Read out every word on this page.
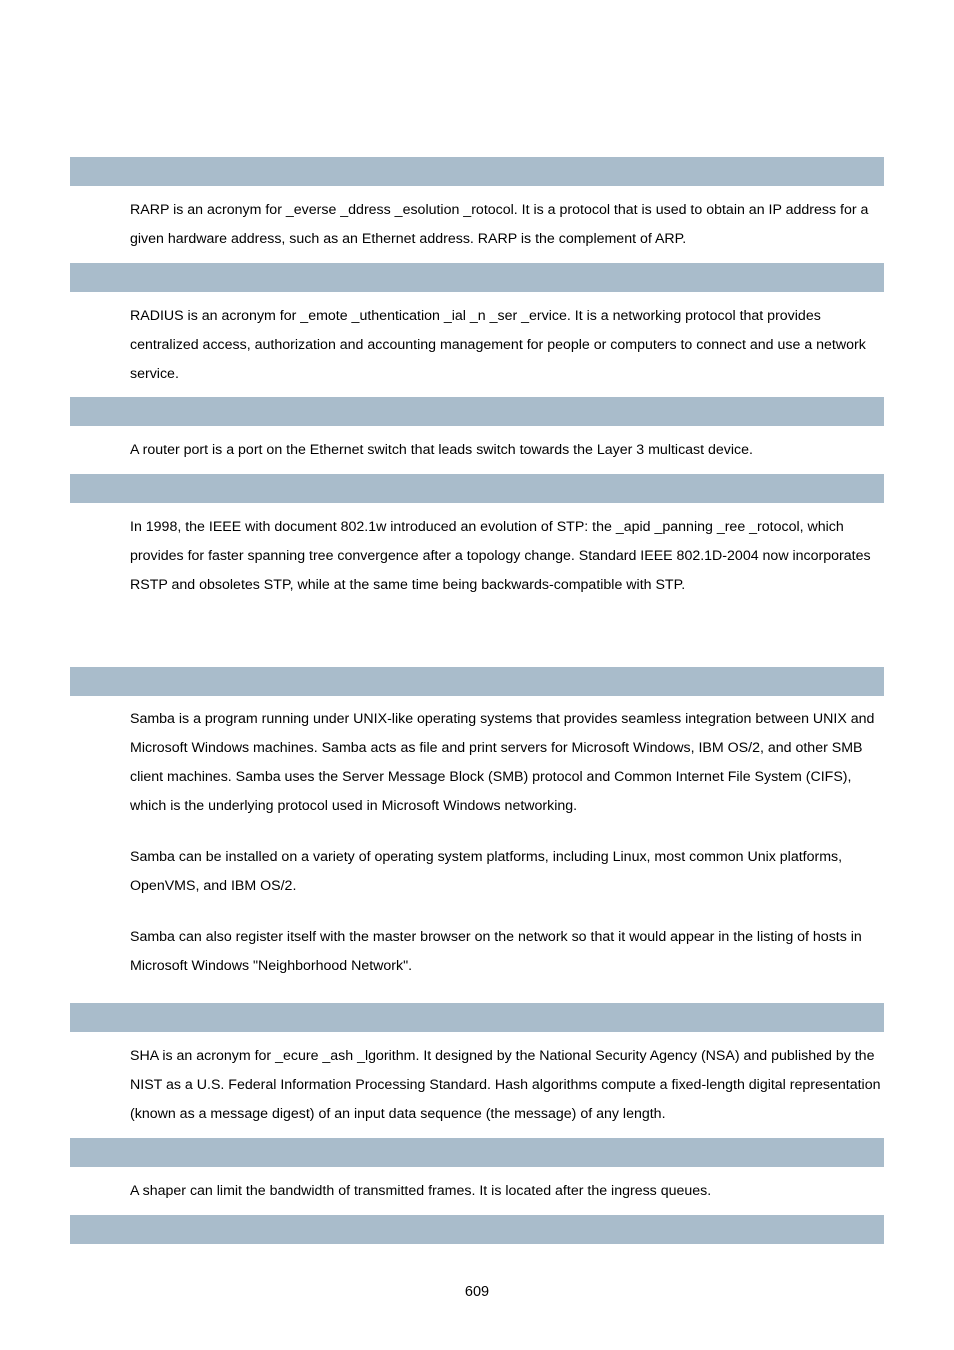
RARP is an acronym for _everse _ddress _esolution _rotocol. It is a protocol that is used to obtain an IP address for a given hardware address, such as an Ethernet address. RARP is the complement of ARP.

RADIUS is an acronym for _emote _uthentication _ial _n _ser _ervice. It is a networking protocol that provides centralized access, authorization and accounting management for people or computers to connect and use a network service.

A router port is a port on the Ethernet switch that leads switch towards the Layer 3 multicast device.

In 1998, the IEEE with document 802.1w introduced an evolution of STP: the _apid _panning _ree _rotocol, which provides for faster spanning tree convergence after a topology change. Standard IEEE 802.1D-2004 now incorporates RSTP and obsoletes STP, while at the same time being backwards-compatible with STP.

Samba is a program running under UNIX-like operating systems that provides seamless integration between UNIX and Microsoft Windows machines. Samba acts as file and print servers for Microsoft Windows, IBM OS/2, and other SMB client machines. Samba uses the Server Message Block (SMB) protocol and Common Internet File System (CIFS), which is the underlying protocol used in Microsoft Windows networking.

Samba can be installed on a variety of operating system platforms, including Linux, most common Unix platforms, OpenVMS, and IBM OS/2.

Samba can also register itself with the master browser on the network so that it would appear in the listing of hosts in Microsoft Windows "Neighborhood Network".

SHA is an acronym for _ecure _ash _lgorithm. It designed by the National Security Agency (NSA) and published by the NIST as a U.S. Federal Information Processing Standard. Hash algorithms compute a fixed-length digital representation (known as a message digest) of an input data sequence (the message) of any length.

A shaper can limit the bandwidth of transmitted frames. It is located after the ingress queues.

609
